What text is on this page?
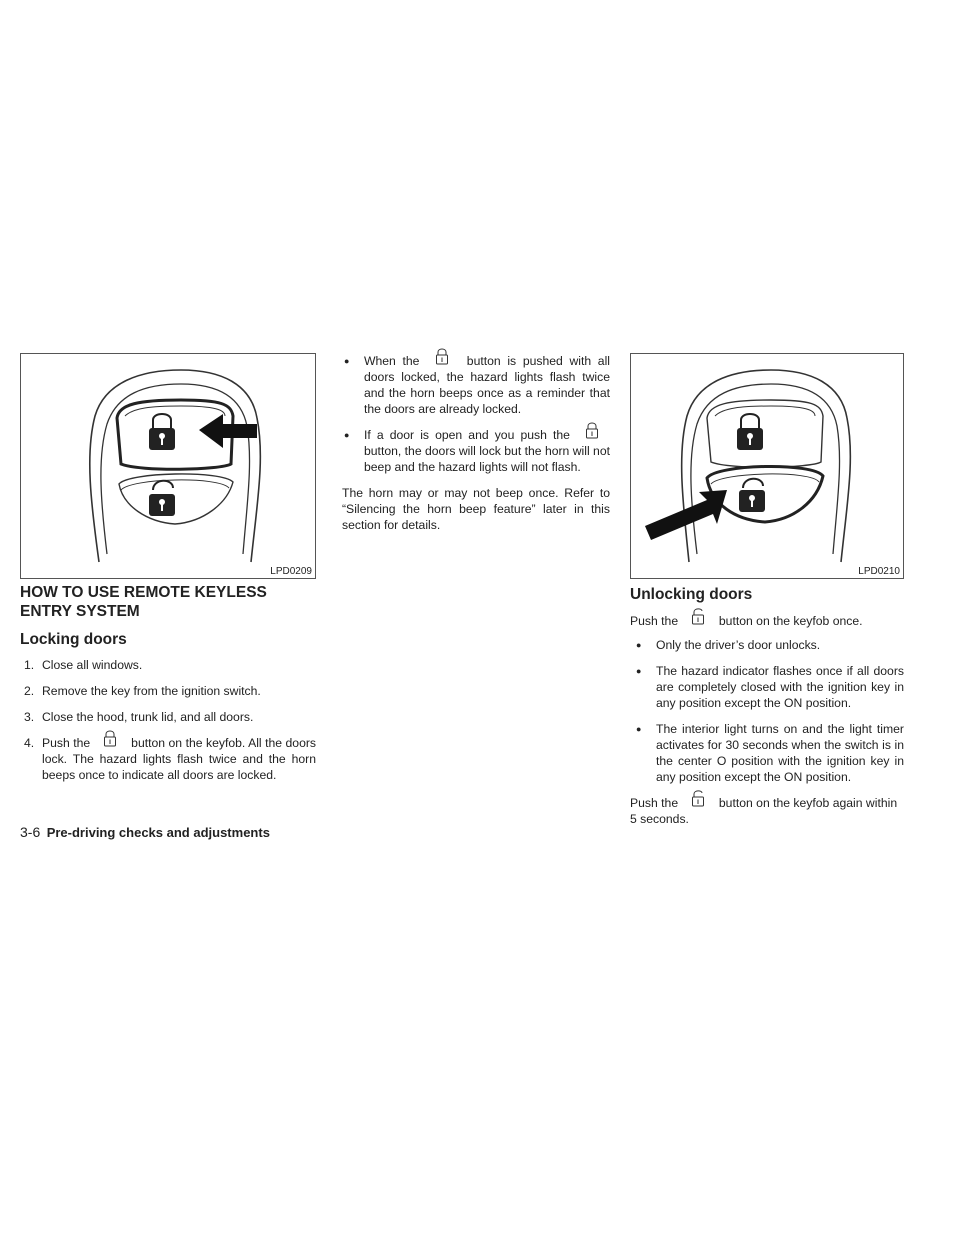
LPD0209	LPD0210
HOW TO USE REMOTE KEYLESS ENTRY SYSTEM
Locking doors
1. Close all windows.
2. Remove the key from the ignition switch.
3. Close the hood, trunk lid, and all doors.
4. Push the	button on the keyfob. All the doors lock. The hazard lights flash twice and the horn beeps once to indicate all doors are locked.
● When the	button is pushed with all doors locked, the hazard lights flash twice and the horn beeps once as a reminder that the doors are already locked.
● If a door is open and you push the
button, the doors will lock but the horn will not beep and the hazard lights will not flash.

The horn may or may not beep once. Refer to “Silencing the horn beep feature” later in this section for details.

Unlocking doors

Push the	button on the keyfob once.

● Only the driver’s door unlocks.
● The hazard indicator flashes once if all doors are completely closed with the ignition key in any position except the ON position.
● The interior light turns on and the light timer activates for 30 seconds when the switch is in the center O position with the ignition key in any position except the ON position.

Push the	button on the keyfob again within 5 seconds.

3-6 Pre-driving checks and adjustments
